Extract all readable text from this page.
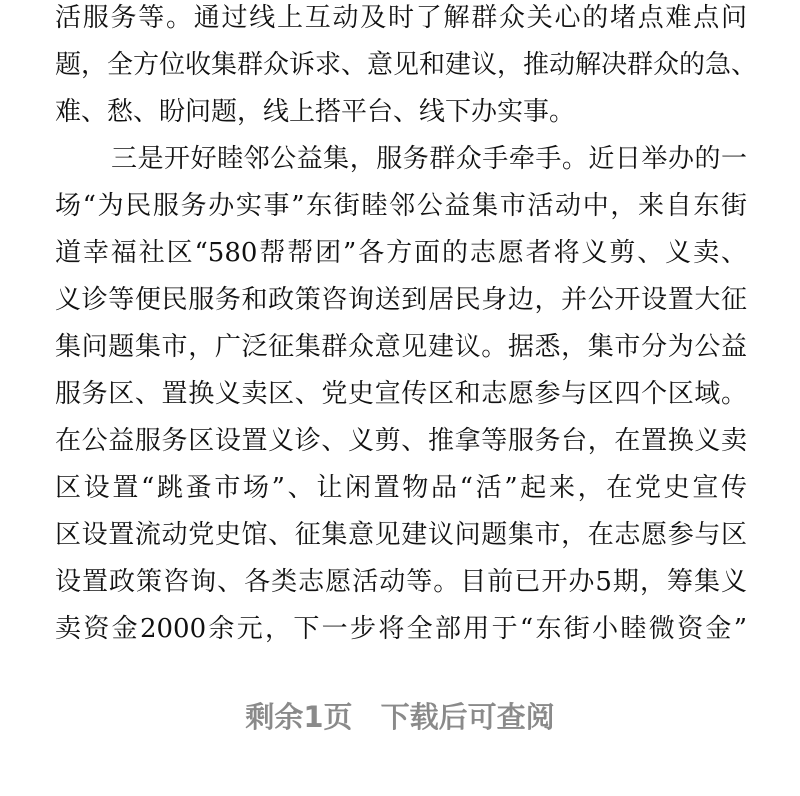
活服务等。通过线上互动及时了解群众关心的堵点难点问
题，全方位收集群众诉求、意见和建议，推动解决群众的急、
难、愁、盼问题，线上搭平台、线下办实事。
三是开好睦邻公益集，服务群众手牵手。近日举办的一
场“为民服务办实事”东街睦邻公益集市活动中，来自东街
道幸福社区“580帮帮团”各方面的志愿者将义剪、义卖、
义诊等便民服务和政策咨询送到居民身边，并公开设置大征
集问题集市，广泛征集群众意见建议。据悉，集市分为公益
服务区、置换义卖区、党史宣传区和志愿参与区四个区域。
在公益服务区设置义诊、义剪、推拿等服务台，在置换义卖
区设置“跳蚤市场”、让闲置物品“活”起来，在党史宣传
区设置流动党史馆、征集意见建议问题集市，在志愿参与区
设置政策咨询、各类志愿活动等。目前已开办5期，筹集义
卖资金2000余元，下一步将全部用于“东街小睦微资金”
剩余1页 下载后可查阅
